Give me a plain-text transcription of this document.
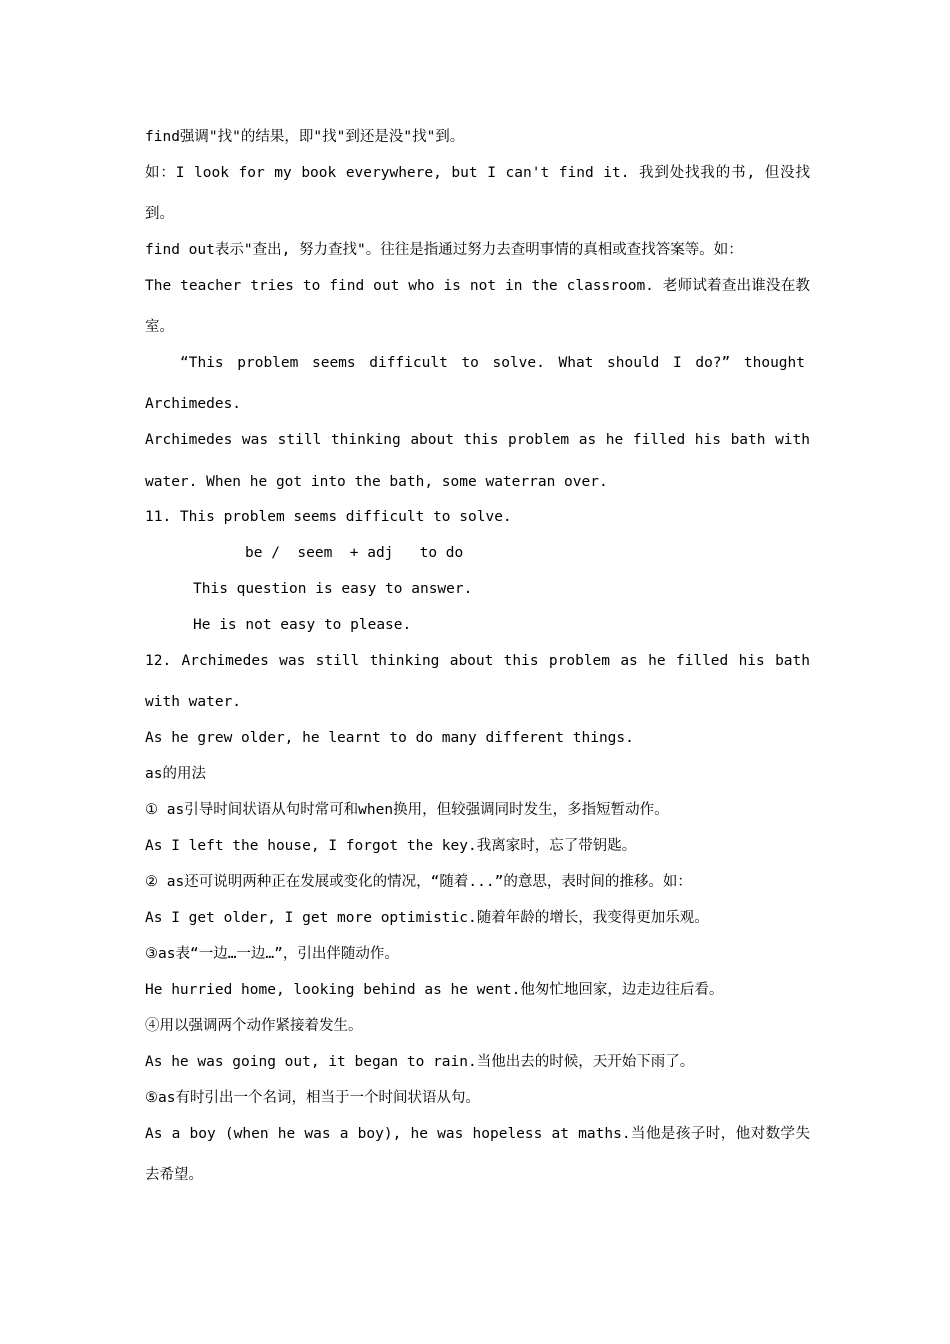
find强调"找"的结果，即"找"到还是没"找"到。
如：I look for my book everywhere, but I can't find it. 我到处找我的书, 但没找
到。
find out表示"查出, 努力查找"。往往是指通过努力去查明事情的真相或查找答案等。如：
The teacher tries to find out who is not in the classroom. 老师试着查出谁没在教
室。
“This problem seems difficult to solve. What should I do?” thought
Archimedes.
Archimedes was still thinking about this problem as he filled his bath with
water. When he got into the bath, some waterran over.
11. This problem seems difficult to solve.
be /  seem  + adj   to do
This question is easy to answer.
He is not easy to please.
12. Archimedes was still thinking about this problem as he filled his bath
with water.
As he grew older, he learnt to do many different things.
as的用法
① as引导时间状语从句时常可和when换用，但较强调同时发生，多指短暂动作。
As I left the house, I forgot the key.我离家时，忘了带钥匙。
② as还可说明两种正在发展或变化的情况，“随着...”的意思，表时间的推移。如：
As I get older, I get more optimistic.随着年龄的增长，我变得更加乐观。
③as表“一边…一边…”，引出伴随动作。
He hurried home, looking behind as he went.他匆忙地回家，边走边往后看。
④用以强调两个动作紧接着发生。
As he was going out, it began to rain.当他出去的时候，天开始下雨了。
⑤as有时引出一个名词，相当于一个时间状语从句。
As a boy (when he was a boy), he was hopeless at maths.当他是孩子时，他对数学失
去希望。
